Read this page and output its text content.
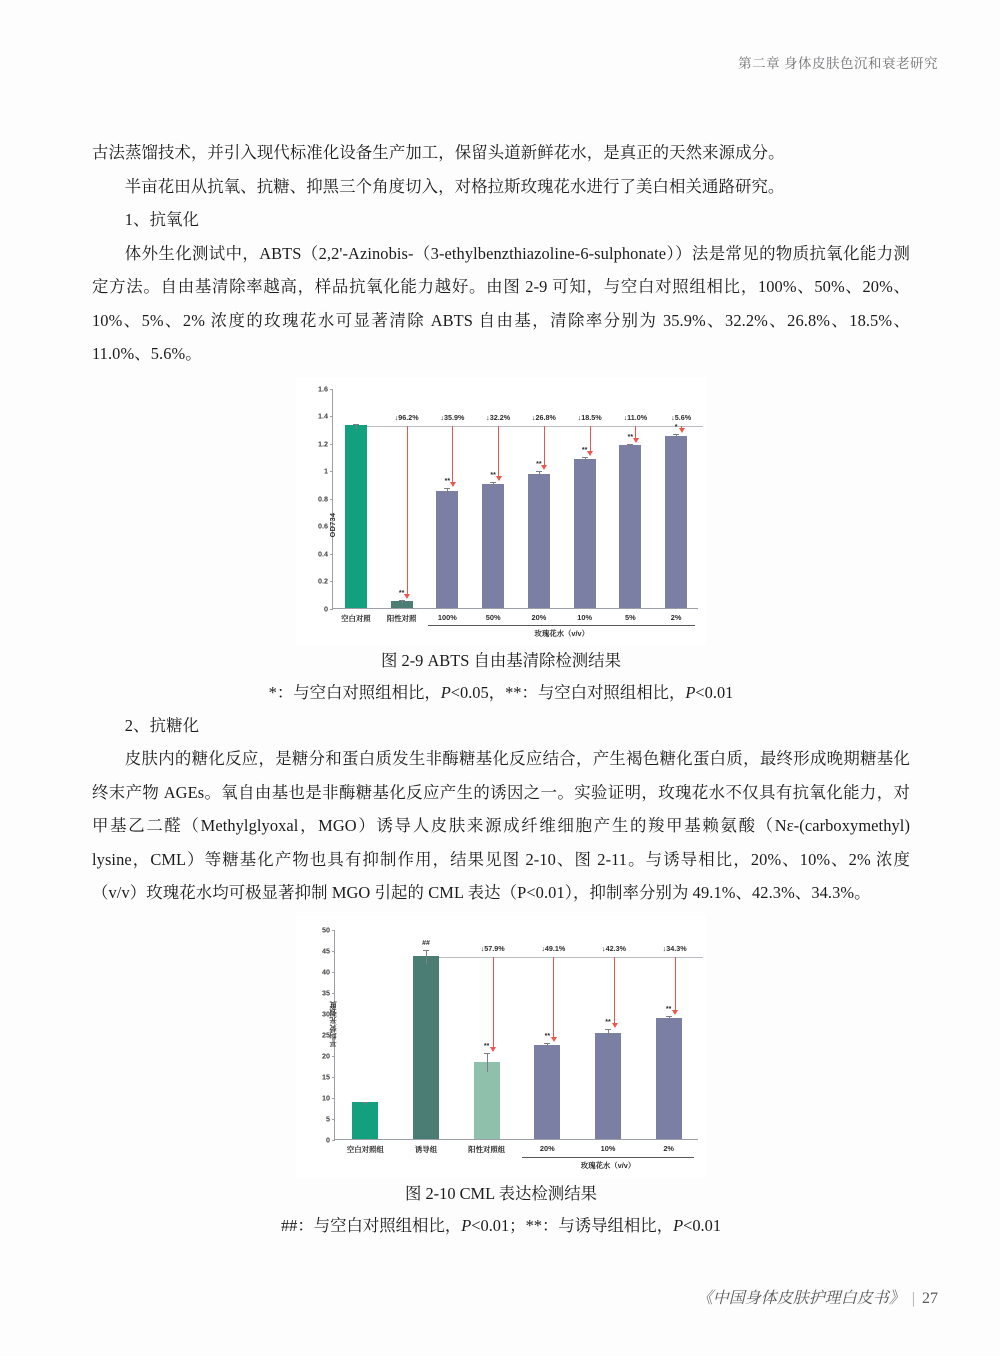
第二章 身体皮肤色沉和衰老研究

古法蒸馏技术，并引入现代标准化设备生产加工，保留头道新鲜花水，是真正的天然来源成分。

半亩花田从抗氧、抗糖、抑黑三个角度切入，对格拉斯玫瑰花水进行了美白相关通路研究。

1、抗氧化

体外生化测试中，ABTS（2,2'-Azinobis-（3-ethylbenzthiazoline-6-sulphonate））法是常见的物质抗氧化能力测定方法。自由基清除率越高，样品抗氧化能力越好。由图 2-9 可知，与空白对照组相比，100%、50%、20%、10%、5%、2% 浓度的玫瑰花水可显著清除 ABTS 自由基，清除率分别为 35.9%、32.2%、26.8%、18.5%、11.0%、5.6%。

0
0.2
0.4
0.6
0.8
1
1.2
1.4
1.6
空白对照
**
↓96.2%
阳性对照
**
↓35.9%
100%
**
↓32.2%
50%
**
↓26.8%
20%
**
↓18.5%
10%
**
↓11.0%
5%
*
↓5.6%
2%
玫瑰花水（v/v）
OD734
图 2-9 ABTS 自由基清除检测结果
*：与空白对照组相比，P<0.05，**：与空白对照组相比，P<0.01

2、抗糖化

皮肤内的糖化反应，是糖分和蛋白质发生非酶糖基化反应结合，产生褐色糖化蛋白质，最终形成晚期糖基化终末产物 AGEs。氧自由基也是非酶糖基化反应产生的诱因之一。实验证明，玫瑰花水不仅具有抗氧化能力，对甲基乙二醛（Methylglyoxal，MGO）诱导人皮肤来源成纤维细胞产生的羧甲基赖氨酸（Nε-(carboxymethyl) lysine，CML）等糖基化产物也具有抑制作用，结果见图 2-10、图 2-11。与诱导相比，20%、10%、2% 浓度（v/v）玫瑰花水均可极显著抑制 MGO 引起的 CML 表达（P<0.01），抑制率分别为 49.1%、42.3%、34.3%。

0
5
10
15
20
25
30
35
40
45
50
空白对照组
##
诱导组
**
↓57.9%
阳性对照组
**
↓49.1%
20%
**
↓42.3%
10%
**
↓34.3%
2%
玫瑰花水（v/v）
平均荧光强度
图 2-10 CML 表达检测结果
##：与空白对照组相比，P<0.01；**：与诱导组相比，P<0.01
《中国身体皮肤护理白皮书》 | 27
